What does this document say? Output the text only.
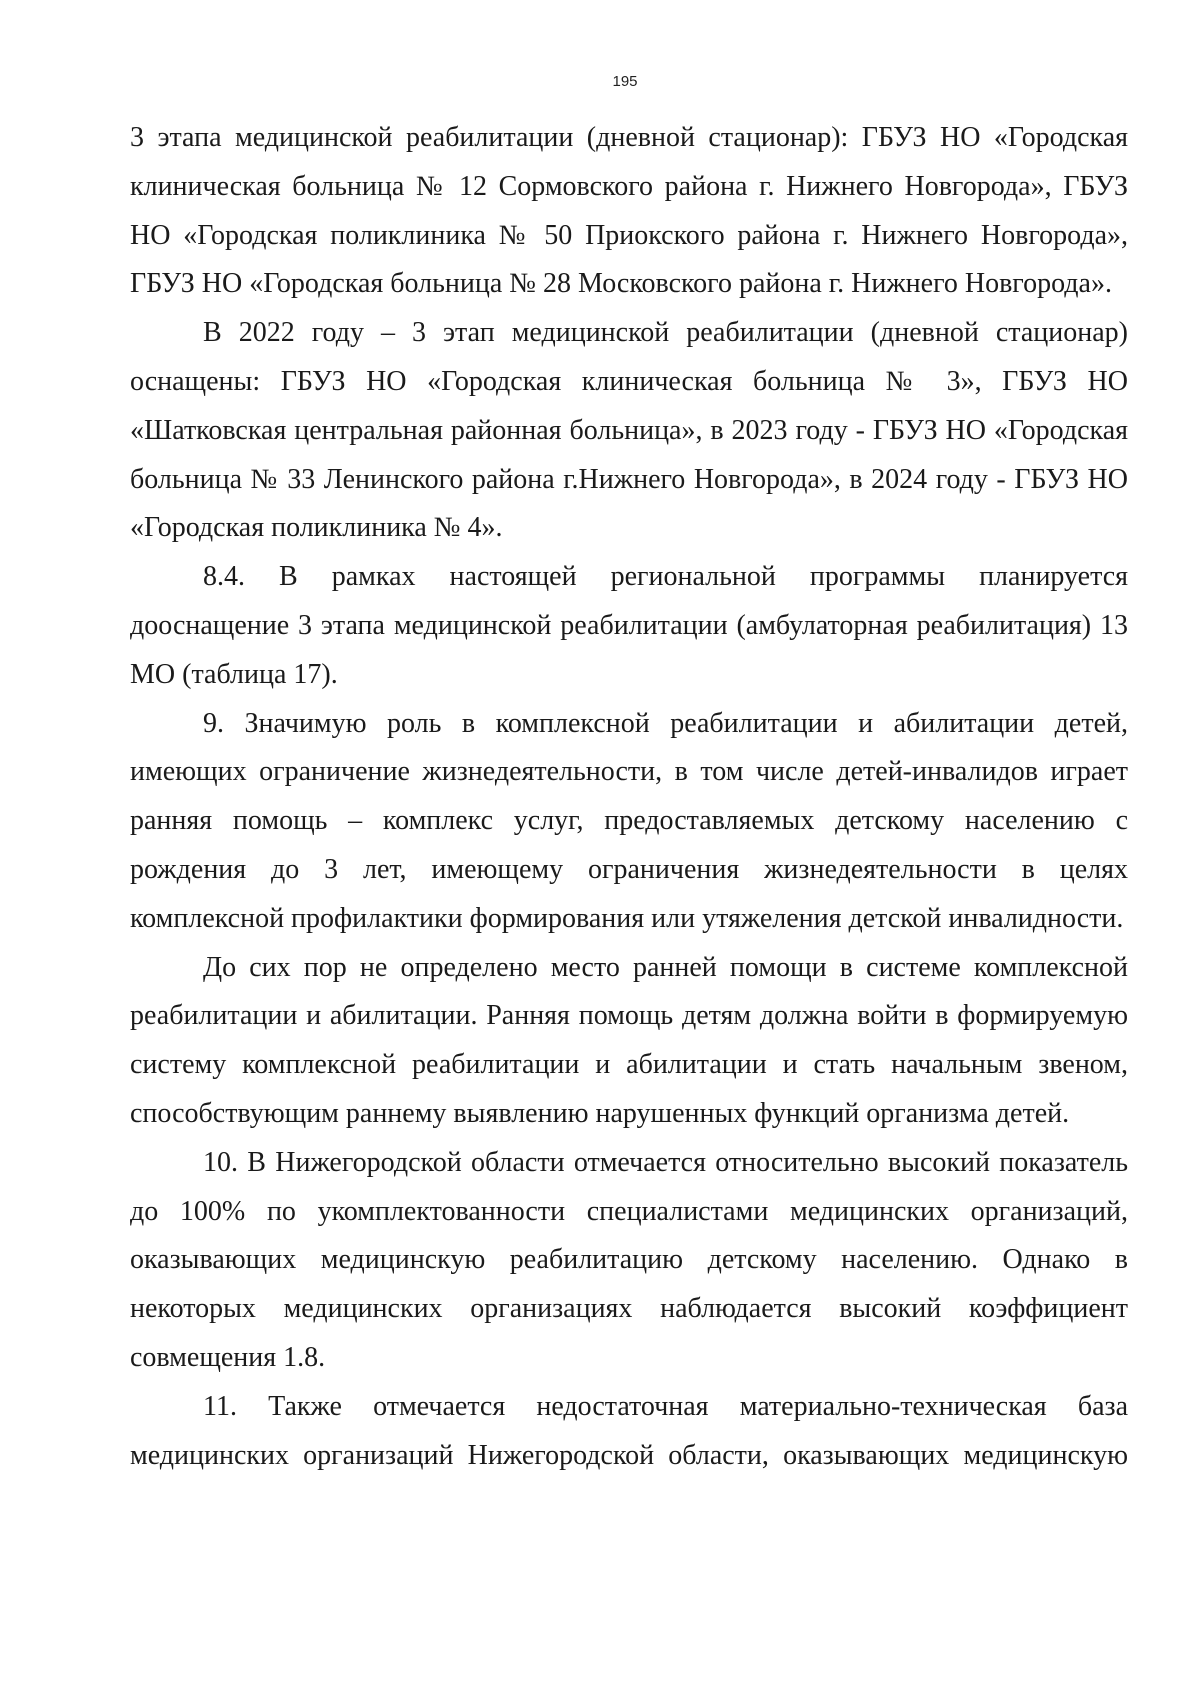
195

3 этапа медицинской реабилитации (дневной стационар): ГБУЗ НО «Городская клиническая больница № 12 Сормовского района г. Нижнего Новгорода», ГБУЗ НО «Городская поликлиника № 50 Приокского района г. Нижнего Новгорода», ГБУЗ НО «Городская больница № 28 Московского района г. Нижнего Новгорода».

В 2022 году – 3 этап медицинской реабилитации (дневной стационар) оснащены: ГБУЗ НО «Городская клиническая больница № 3», ГБУЗ НО «Шатковская центральная районная больница», в 2023 году - ГБУЗ НО «Городская больница № 33 Ленинского района г.Нижнего Новгорода», в 2024 году - ГБУЗ НО «Городская поликлиника № 4».

8.4. В рамках настоящей региональной программы планируется дооснащение 3 этапа медицинской реабилитации (амбулаторная реабилитация) 13 МО (таблица 17).

9. Значимую роль в комплексной реабилитации и абилитации детей, имеющих ограничение жизнедеятельности, в том числе детей-инвалидов играет ранняя помощь – комплекс услуг, предоставляемых детскому населению с рождения до 3 лет, имеющему ограничения жизнедеятельности в целях комплексной профилактики формирования или утяжеления детской инвалидности.

До сих пор не определено место ранней помощи в системе комплексной реабилитации и абилитации. Ранняя помощь детям должна войти в формируемую систему комплексной реабилитации и абилитации и стать начальным звеном, способствующим раннему выявлению нарушенных функций организма детей.

10. В Нижегородской области отмечается относительно высокий показатель до 100% по укомплектованности специалистами медицинских организаций, оказывающих медицинскую реабилитацию детскому населению. Однако в некоторых медицинских организациях наблюдается высокий коэффициент совмещения 1.8.

11. Также отмечается недостаточная материально-техническая база медицинских организаций Нижегородской области, оказывающих медицинскую
